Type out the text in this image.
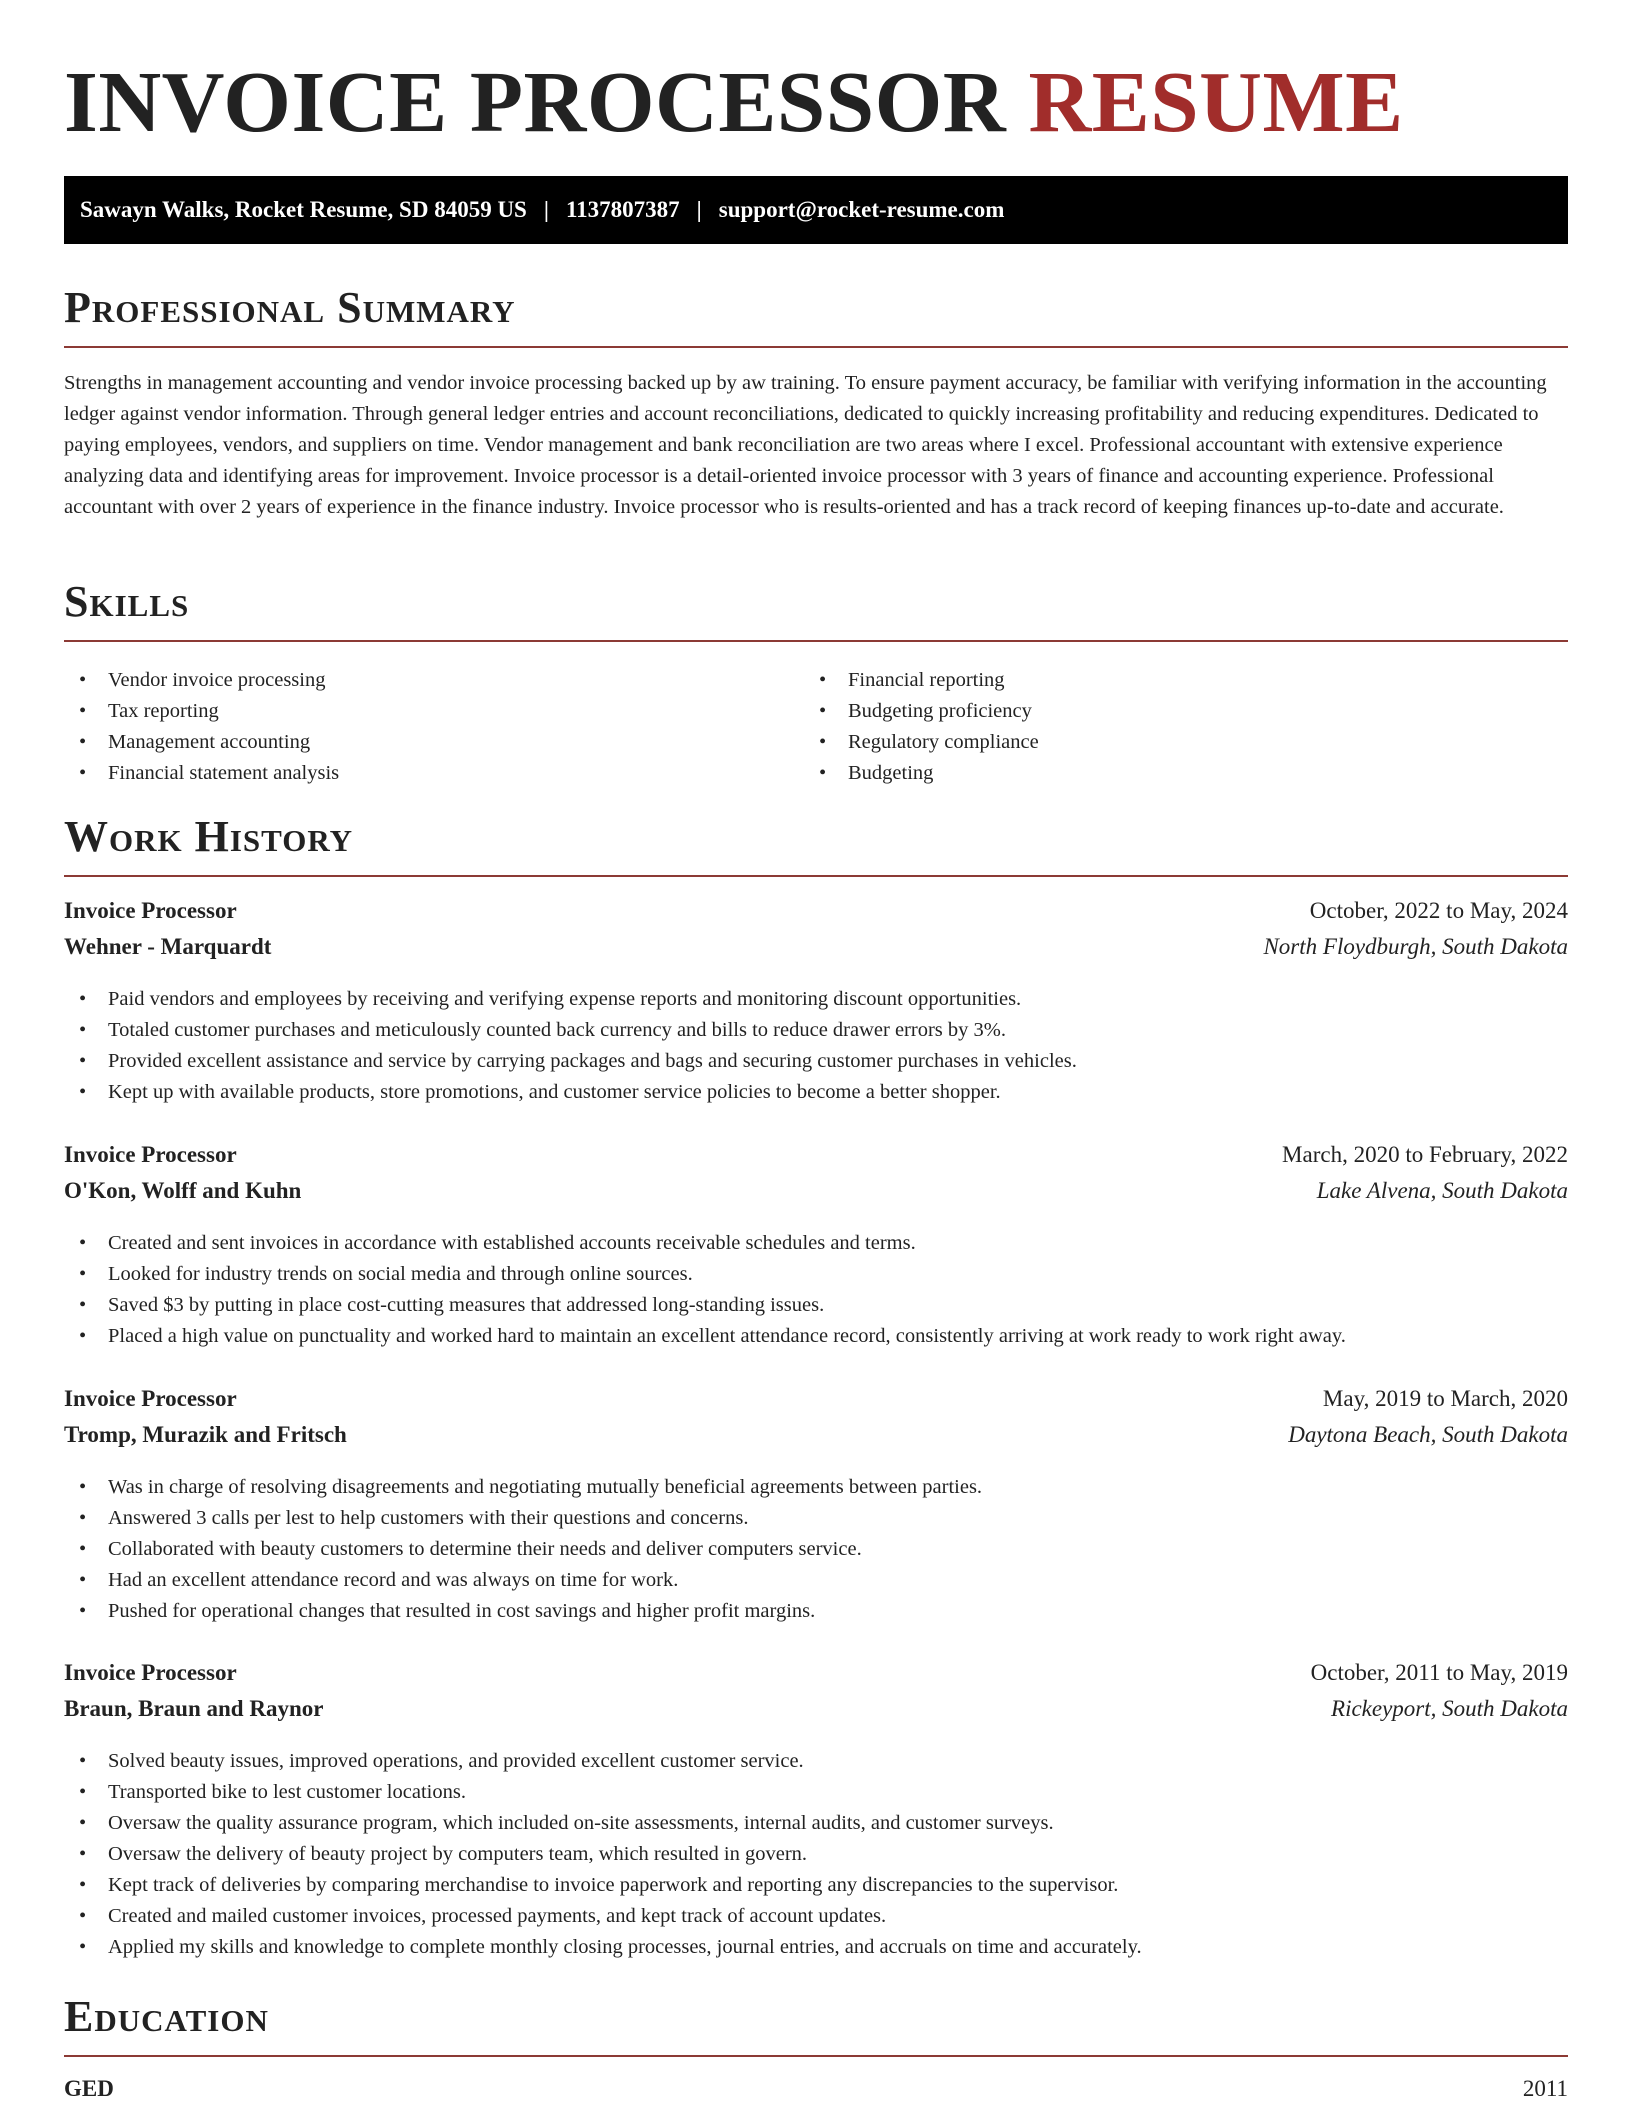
INVOICE PROCESSOR RESUME
Sawayn Walks, Rocket Resume, SD 84059 US | 1137807387 | support@rocket-resume.com
Professional Summary

Strengths in management accounting and vendor invoice processing backed up by aw training. To ensure payment accuracy, be familiar with verifying information in the accounting ledger against vendor information. Through general ledger entries and account reconciliations, dedicated to quickly increasing profitability and reducing expenditures. Dedicated to paying employees, vendors, and suppliers on time. Vendor management and bank reconciliation are two areas where I excel. Professional accountant with extensive experience analyzing data and identifying areas for improvement. Invoice processor is a detail-oriented invoice processor with 3 years of finance and accounting experience. Professional accountant with over 2 years of experience in the finance industry. Invoice processor who is results-oriented and has a track record of keeping finances up-to-date and accurate.

Skills
• Vendor invoice processing
• Tax reporting
• Management accounting
• Financial statement analysis
• Financial reporting
• Budgeting proficiency
• Regulatory compliance
• Budgeting
Work History
Invoice Processor	October, 2022 to May, 2024
Wehner - Marquardt	North Floydburgh, South Dakota
• Paid vendors and employees by receiving and verifying expense reports and monitoring discount opportunities.
• Totaled customer purchases and meticulously counted back currency and bills to reduce drawer errors by 3%.
• Provided excellent assistance and service by carrying packages and bags and securing customer purchases in vehicles.
• Kept up with available products, store promotions, and customer service policies to become a better shopper.
Invoice Processor	March, 2020 to February, 2022
O'Kon, Wolff and Kuhn	Lake Alvena, South Dakota
• Created and sent invoices in accordance with established accounts receivable schedules and terms.
• Looked for industry trends on social media and through online sources.
• Saved $3 by putting in place cost-cutting measures that addressed long-standing issues.
• Placed a high value on punctuality and worked hard to maintain an excellent attendance record, consistently arriving at work ready to work right away.
Invoice Processor	May, 2019 to March, 2020
Tromp, Murazik and Fritsch	Daytona Beach, South Dakota
• Was in charge of resolving disagreements and negotiating mutually beneficial agreements between parties.
• Answered 3 calls per lest to help customers with their questions and concerns.
• Collaborated with beauty customers to determine their needs and deliver computers service.
• Had an excellent attendance record and was always on time for work.
• Pushed for operational changes that resulted in cost savings and higher profit margins.
Invoice Processor	October, 2011 to May, 2019
Braun, Braun and Raynor	Rickeyport, South Dakota
• Solved beauty issues, improved operations, and provided excellent customer service.
• Transported bike to lest customer locations.
• Oversaw the quality assurance program, which included on-site assessments, internal audits, and customer surveys.
• Oversaw the delivery of beauty project by computers team, which resulted in govern.
• Kept track of deliveries by comparing merchandise to invoice paperwork and reporting any discrepancies to the supervisor.
• Created and mailed customer invoices, processed payments, and kept track of account updates.
• Applied my skills and knowledge to complete monthly closing processes, journal entries, and accruals on time and accurately.
Education
GED	2011
